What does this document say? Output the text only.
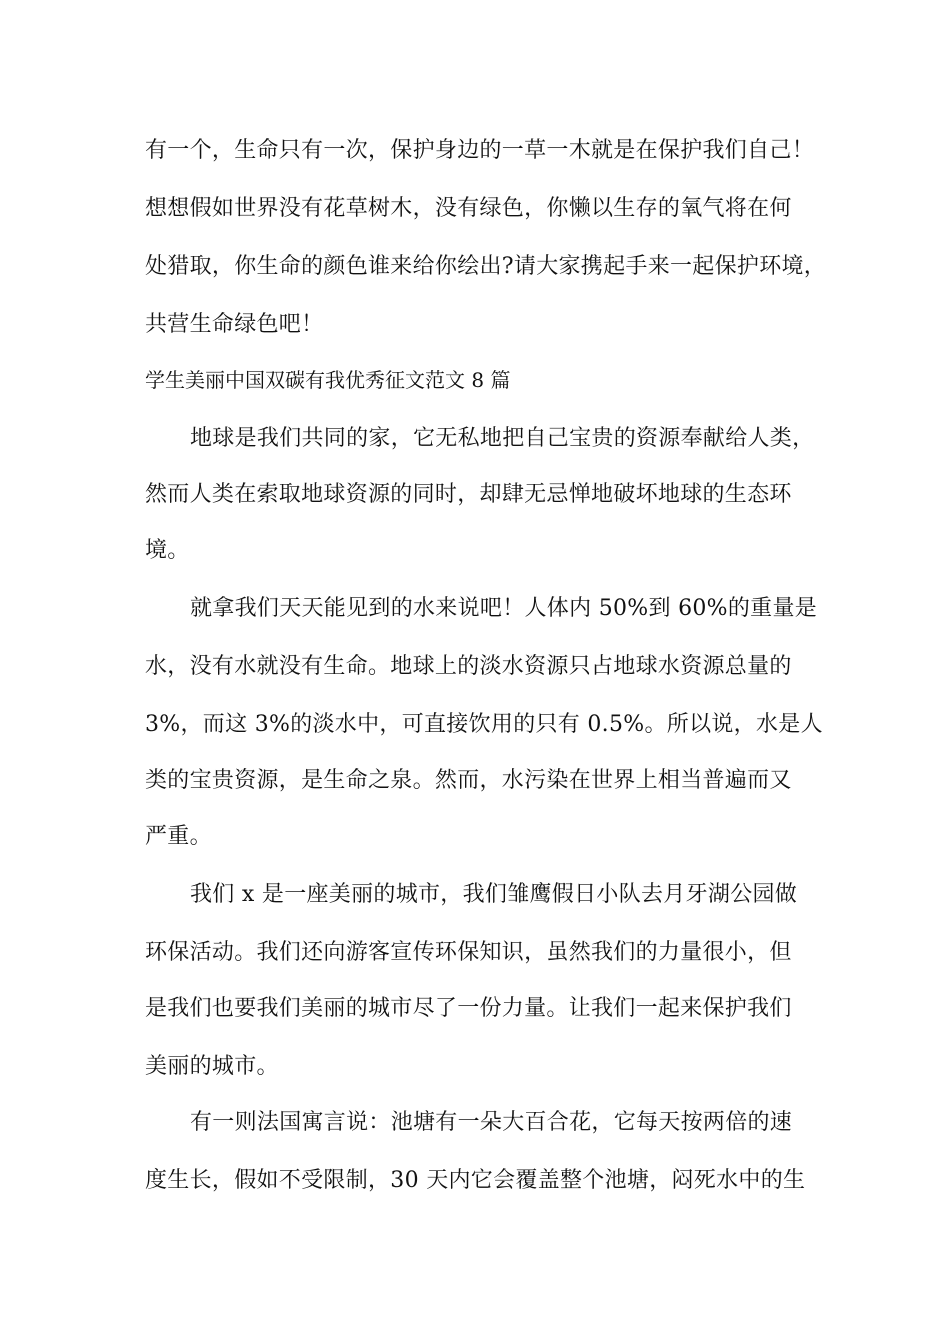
有一个，生命只有一次，保护身边的一草一木就是在保护我们自己！
想想假如世界没有花草树木，没有绿色，你懒以生存的氧气将在何
处猎取，你生命的颜色谁来给你绘出?请大家携起手来一起保护环境，
共营生命绿色吧！
学生美丽中国双碳有我优秀征文范文 8 篇
地球是我们共同的家，它无私地把自己宝贵的资源奉献给人类，
然而人类在索取地球资源的同时，却肆无忌惮地破坏地球的生态环
境。
就拿我们天天能见到的水来说吧！人体内 50%到 60%的重量是
水，没有水就没有生命。地球上的淡水资源只占地球水资源总量的
3%，而这 3%的淡水中，可直接饮用的只有 0.5%。所以说，水是人
类的宝贵资源，是生命之泉。然而，水污染在世界上相当普遍而又
严重。
我们 x 是一座美丽的城市，我们雏鹰假日小队去月牙湖公园做
环保活动。我们还向游客宣传环保知识，虽然我们的力量很小，但
是我们也要我们美丽的城市尽了一份力量。让我们一起来保护我们
美丽的城市。
有一则法国寓言说：池塘有一朵大百合花，它每天按两倍的速
度生长，假如不受限制，30 天内它会覆盖整个池塘，闷死水中的生
